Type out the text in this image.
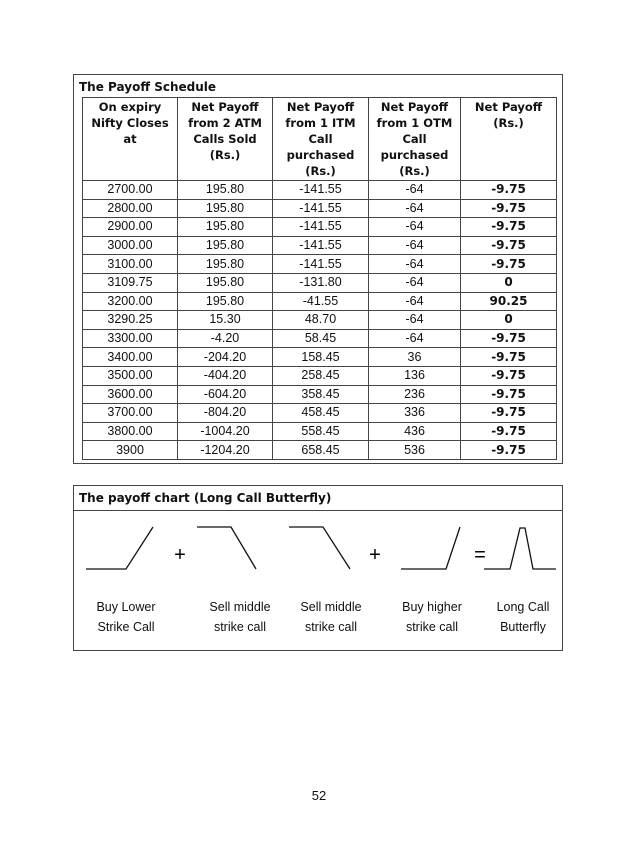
The Payoff Schedule
On expiry Nifty Closes at	Net Payoff from 2 ATM Calls Sold (Rs.)	Net Payoff from 1 ITM Call purchased (Rs.)	Net Payoff from 1 OTM Call purchased (Rs.)	Net Payoff (Rs.)
2700.00	195.80	-141.55	-64	-9.75
2800.00	195.80	-141.55	-64	-9.75
2900.00	195.80	-141.55	-64	-9.75
3000.00	195.80	-141.55	-64	-9.75
3100.00	195.80	-141.55	-64	-9.75
3109.75	195.80	-131.80	-64	0
3200.00	195.80	-41.55	-64	90.25
3290.25	15.30	48.70	-64	0
3300.00	-4.20	58.45	-64	-9.75
3400.00	-204.20	158.45	36	-9.75
3500.00	-404.20	258.45	136	-9.75
3600.00	-604.20	358.45	236	-9.75
3700.00	-804.20	458.45	336	-9.75
3800.00	-1004.20	558.45	436	-9.75
3900	-1204.20	658.45	536	-9.75
The payoff chart (Long Call Butterfly)
+	+	=
Buy Lower
Strike Call
Sell middle
strike call
Sell middle
strike call
Buy higher
strike call
Long Call
Butterfly
52
